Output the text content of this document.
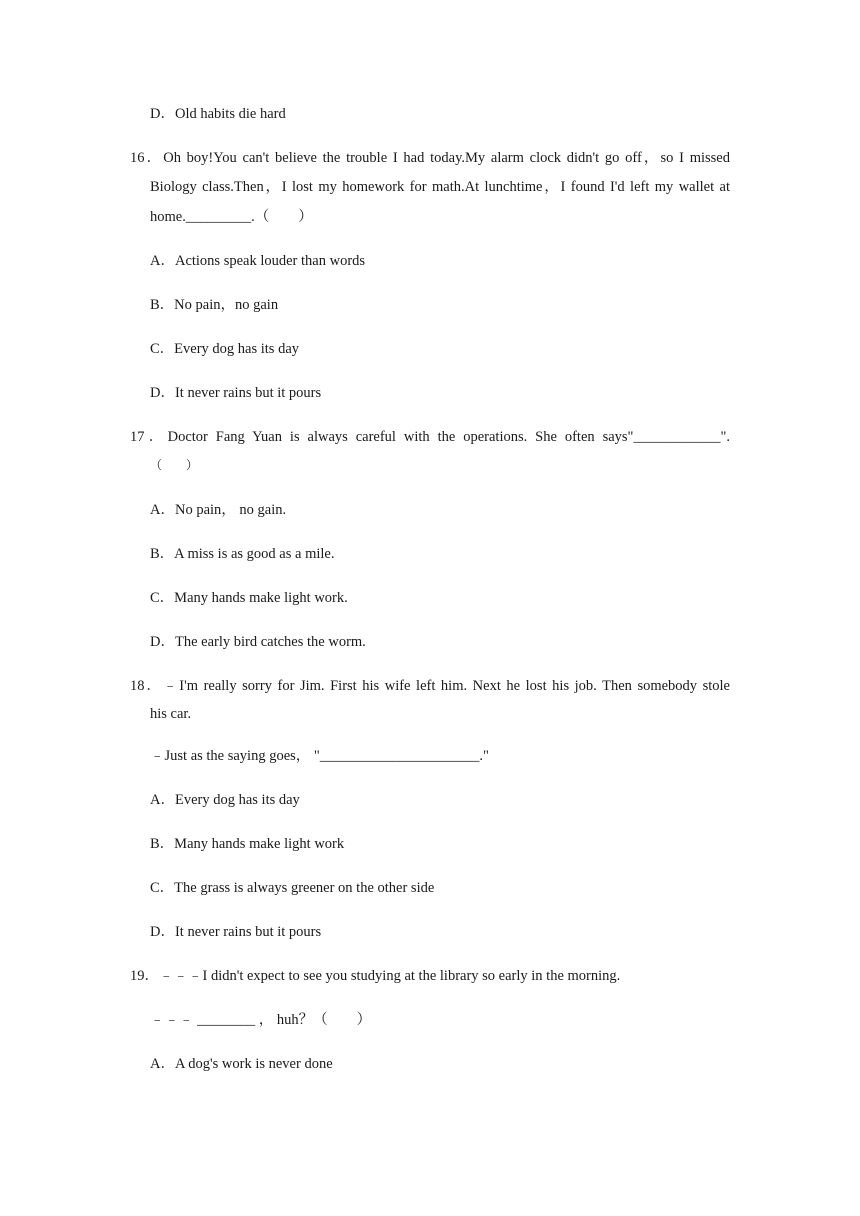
D．Old habits die hard
16．Oh boy!You can't believe the trouble I had today.My alarm clock didn't go off，so I missed
Biology class.Then，I lost my homework for math.At lunchtime，I found I'd left my wallet at
home._________.（　　）
A．Actions speak louder than words
B．No pain，no gain
C．Every dog has its day
D．It never rains but it pours
17．Doctor Fang Yuan is always careful with the operations. She often says"____________".
（　　）
A．No pain， no gain.
B．A miss is as good as a mile.
C．Many hands make light work.
D．The early bird catches the worm.
18．﹣I'm really sorry for Jim. First his wife left him. Next he lost his job. Then somebody stole
his car.
﹣Just as the saying goes， "______________________."
A．Every dog has its day
B．Many hands make light work
C．The grass is always greener on the other side
D．It never rains but it pours
19．﹣﹣﹣I didn't expect to see you studying at the library so early in the morning.
﹣﹣﹣ ________ ， huh？（　　）
A．A dog's work is never done
